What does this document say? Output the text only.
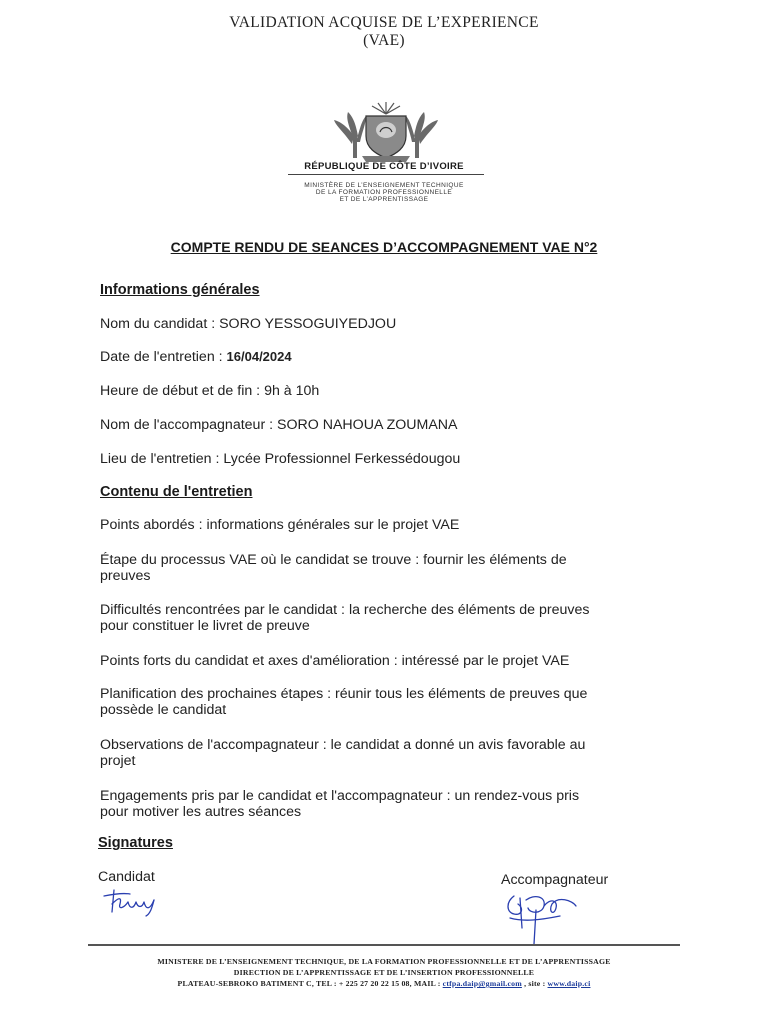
VALIDATION ACQUISE DE L’EXPERIENCE
(VAE)
RÉPUBLIQUE DE CÔTE D’IVOIRE
MINISTÈRE DE L’ENSEIGNEMENT TECHNIQUE
DE LA FORMATION PROFESSIONNELLE
ET DE L’APPRENTISSAGE
COMPTE RENDU DE SEANCES D’ACCOMPAGNEMENT VAE N°2
Informations générales
Nom du candidat : SORO YESSOGUIYEDJOU
Date de l'entretien : 16/04/2024
Heure de début et de fin : 9h à 10h
Nom de l'accompagnateur : SORO NAHOUA ZOUMANA
Lieu de l'entretien : Lycée Professionnel Ferkessédougou
Contenu de l'entretien
Points abordés : informations générales sur le projet VAE
Étape du processus VAE où le candidat se trouve : fournir les éléments de
preuves
Difficultés rencontrées par le candidat : la recherche des éléments de preuves
pour constituer le livret de preuve
Points forts du candidat et axes d'amélioration : intéressé par le projet VAE
Planification des prochaines étapes : réunir tous les éléments de preuves que
possède le candidat
Observations de l'accompagnateur : le candidat a donné un avis favorable au
projet
Engagements pris par le candidat et l'accompagnateur : un rendez-vous pris
pour motiver les autres séances
Signatures
Candidat	Accompagnateur
MINISTERE DE L’ENSEIGNEMENT TECHNIQUE, DE LA FORMATION PROFESSIONNELLE ET DE L’APPRENTISSAGE
DIRECTION DE L’APPRENTISSAGE ET DE L’INSERTION PROFESSIONNELLE
PLATEAU-SEBROKO BATIMENT C, TEL : + 225 27 20 22 15 08, MAIL : ctfpa.daip@gmail.com , site : www.daip.ci
